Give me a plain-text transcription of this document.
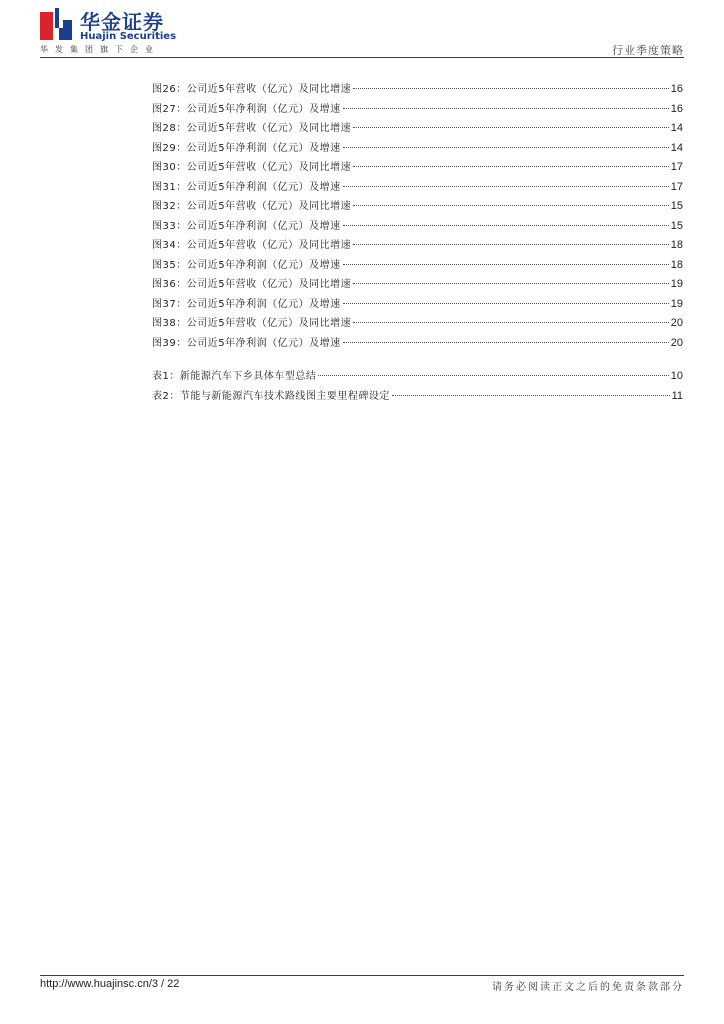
华金证券
Huajin Securities
华发集团旗下企业	行业季度策略
图26：公司近5年营收（亿元）及同比增速	16
图27：公司近5年净利润（亿元）及增速	16
图28：公司近5年营收（亿元）及同比增速	14
图29：公司近5年净利润（亿元）及增速	14
图30：公司近5年营收（亿元）及同比增速	17
图31：公司近5年净利润（亿元）及增速	17
图32：公司近5年营收（亿元）及同比增速	15
图33：公司近5年净利润（亿元）及增速	15
图34：公司近5年营收（亿元）及同比增速	18
图35：公司近5年净利润（亿元）及增速	18
图36：公司近5年营收（亿元）及同比增速	19
图37：公司近5年净利润（亿元）及增速	19
图38：公司近5年营收（亿元）及同比增速	20
图39：公司近5年净利润（亿元）及增速	20
表1：新能源汽车下乡具体车型总结	10
表2：节能与新能源汽车技术路线图主要里程碑设定	11
http://www.huajinsc.cn/3 / 22	请务必阅读正文之后的免责条款部分
